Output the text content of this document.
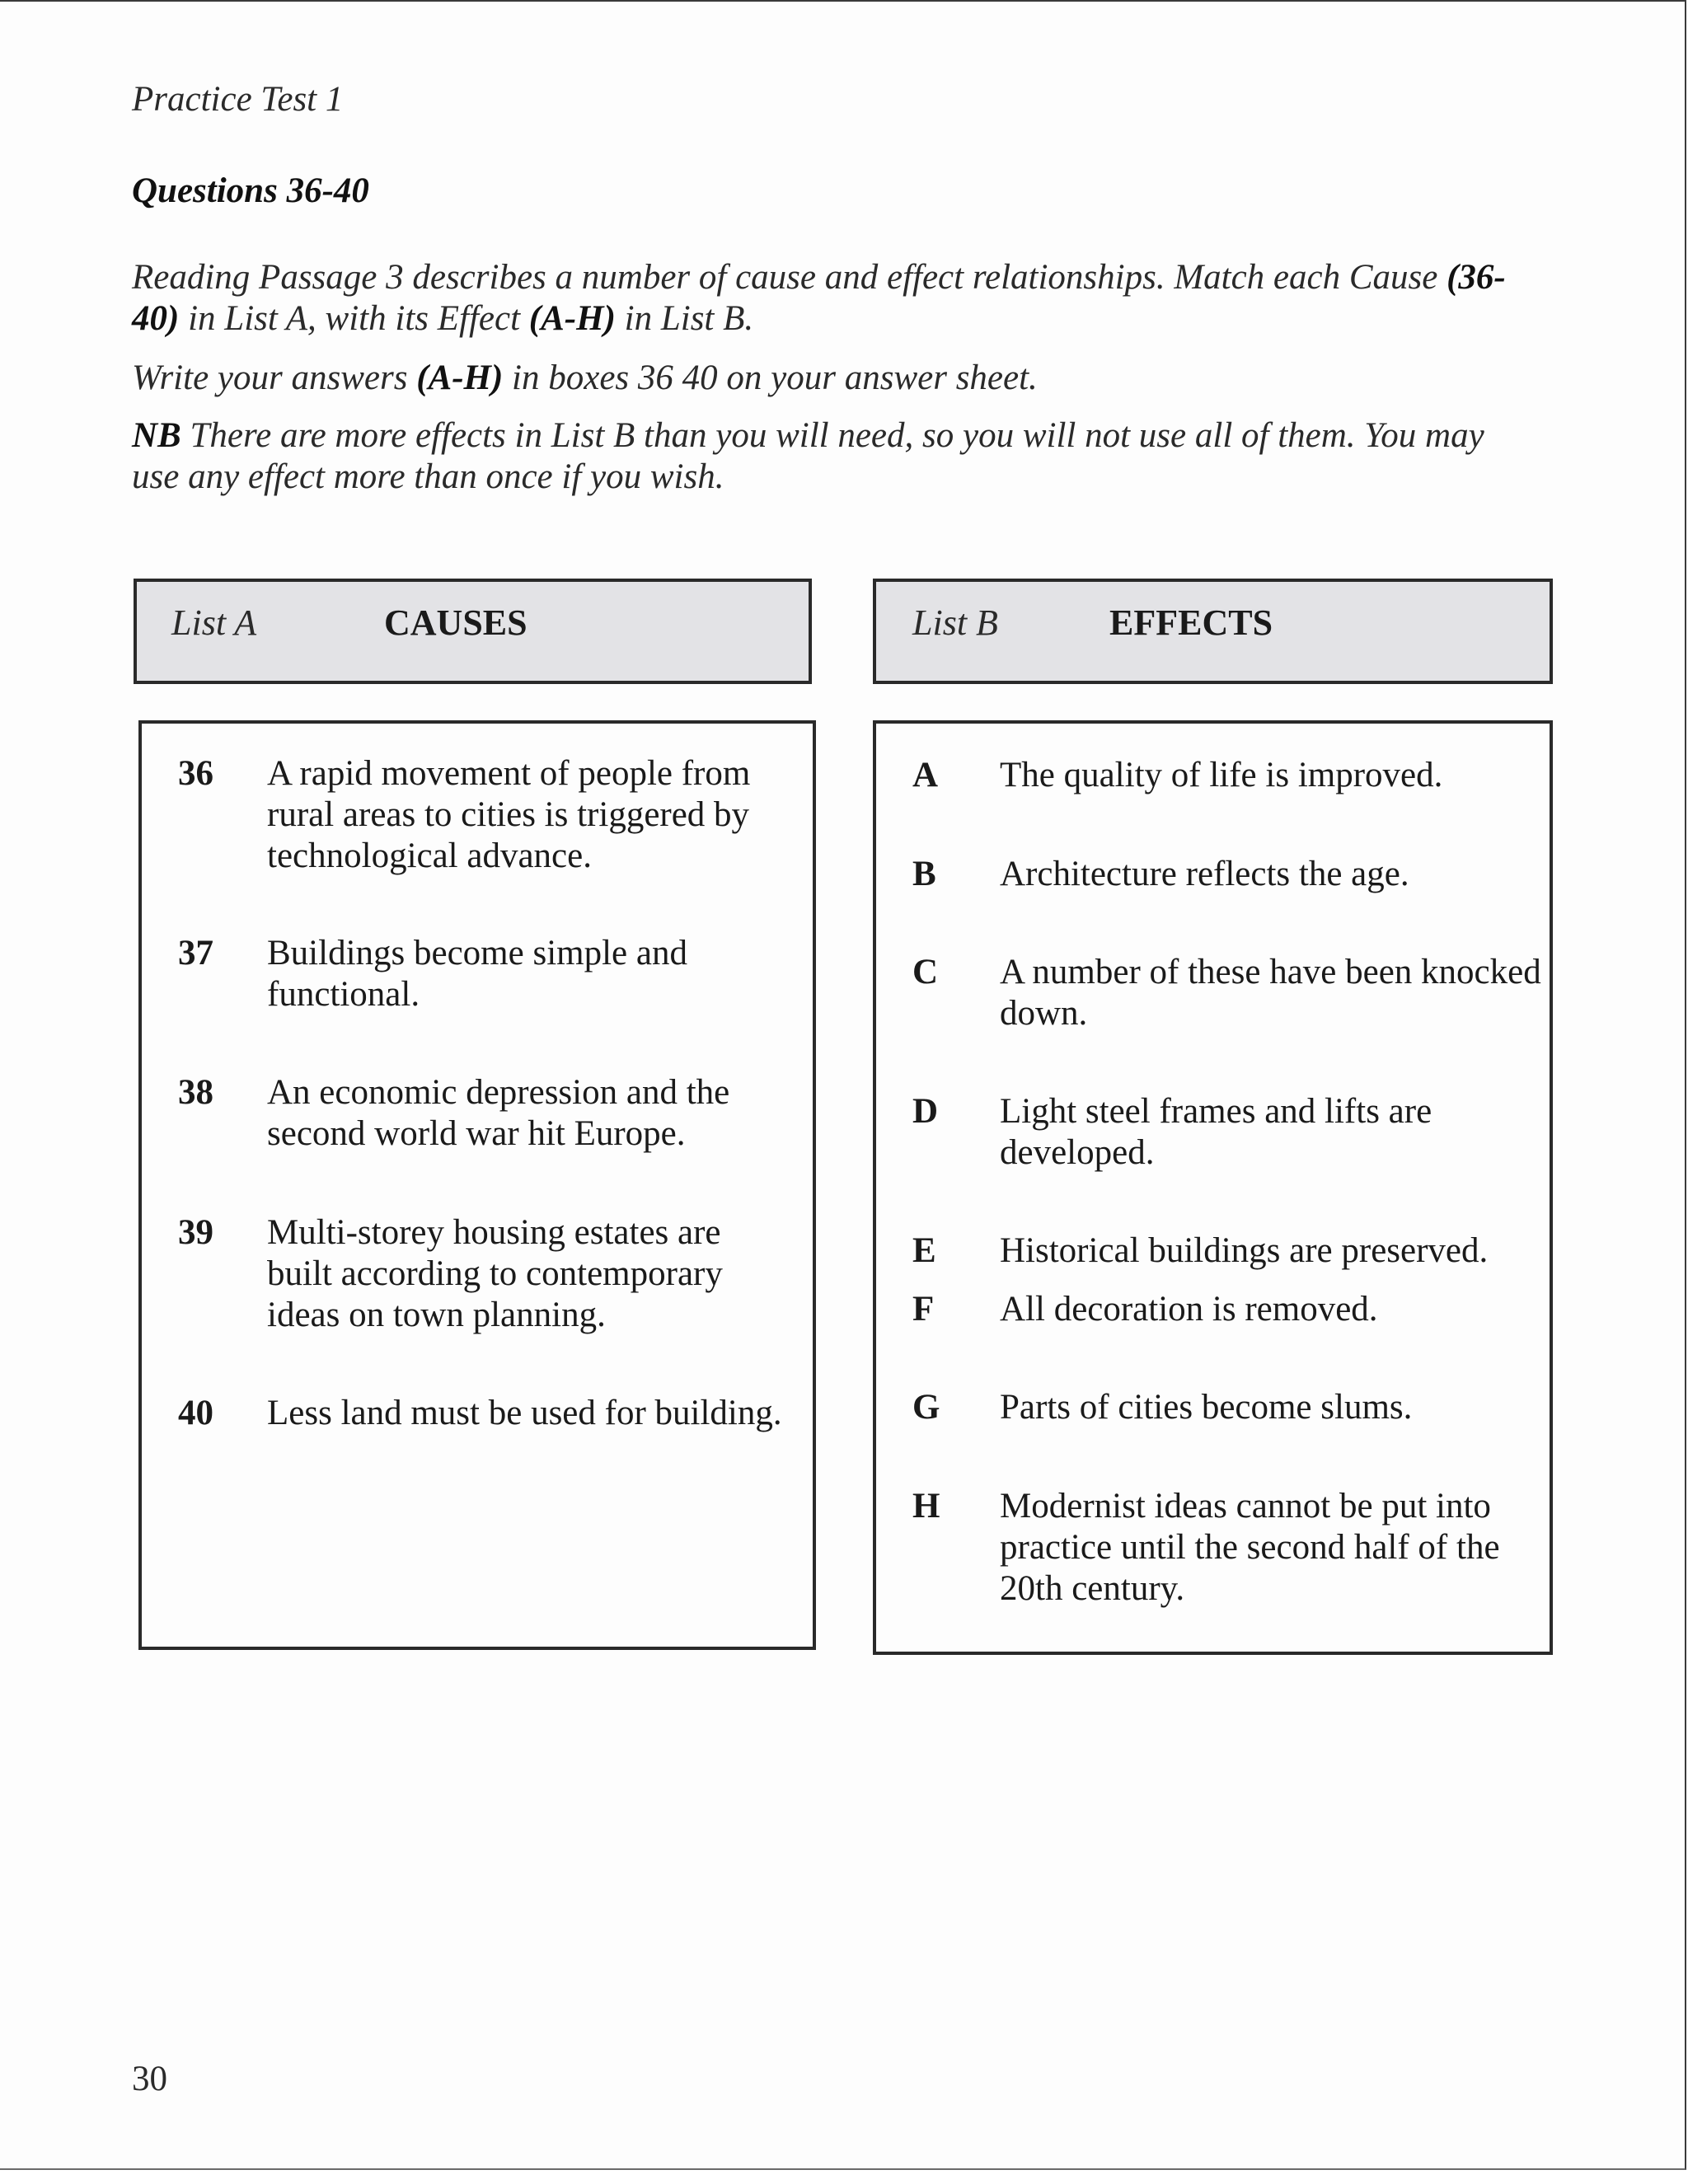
Practice Test 1
Questions 36-40

Reading Passage 3 describes a number of cause and effect relationships. Match each Cause (36-40) in List A, with its Effect (A-H) in List B.

Write your answers (A-H) in boxes 36 40 on your answer sheet.

NB There are more effects in List B than you will need, so you will not use all of them. You may use any effect more than once if you wish.

List A	CAUSES	List B	EFFECTS
36 A rapid movement of people from rural areas to cities is triggered by technological advance.
37 Buildings become simple and functional.
38 An economic depression and the second world war hit Europe.
39 Multi-storey housing estates are built according to contemporary ideas on town planning.
40 Less land must be used for building.
A The quality of life is improved.
B Architecture reflects the age.
C A number of these have been knocked down.
D Light steel frames and lifts are developed.
E Historical buildings are preserved.
F All decoration is removed.
G Parts of cities become slums.
H Modernist ideas cannot be put into practice until the second half of the 20th century.
30
